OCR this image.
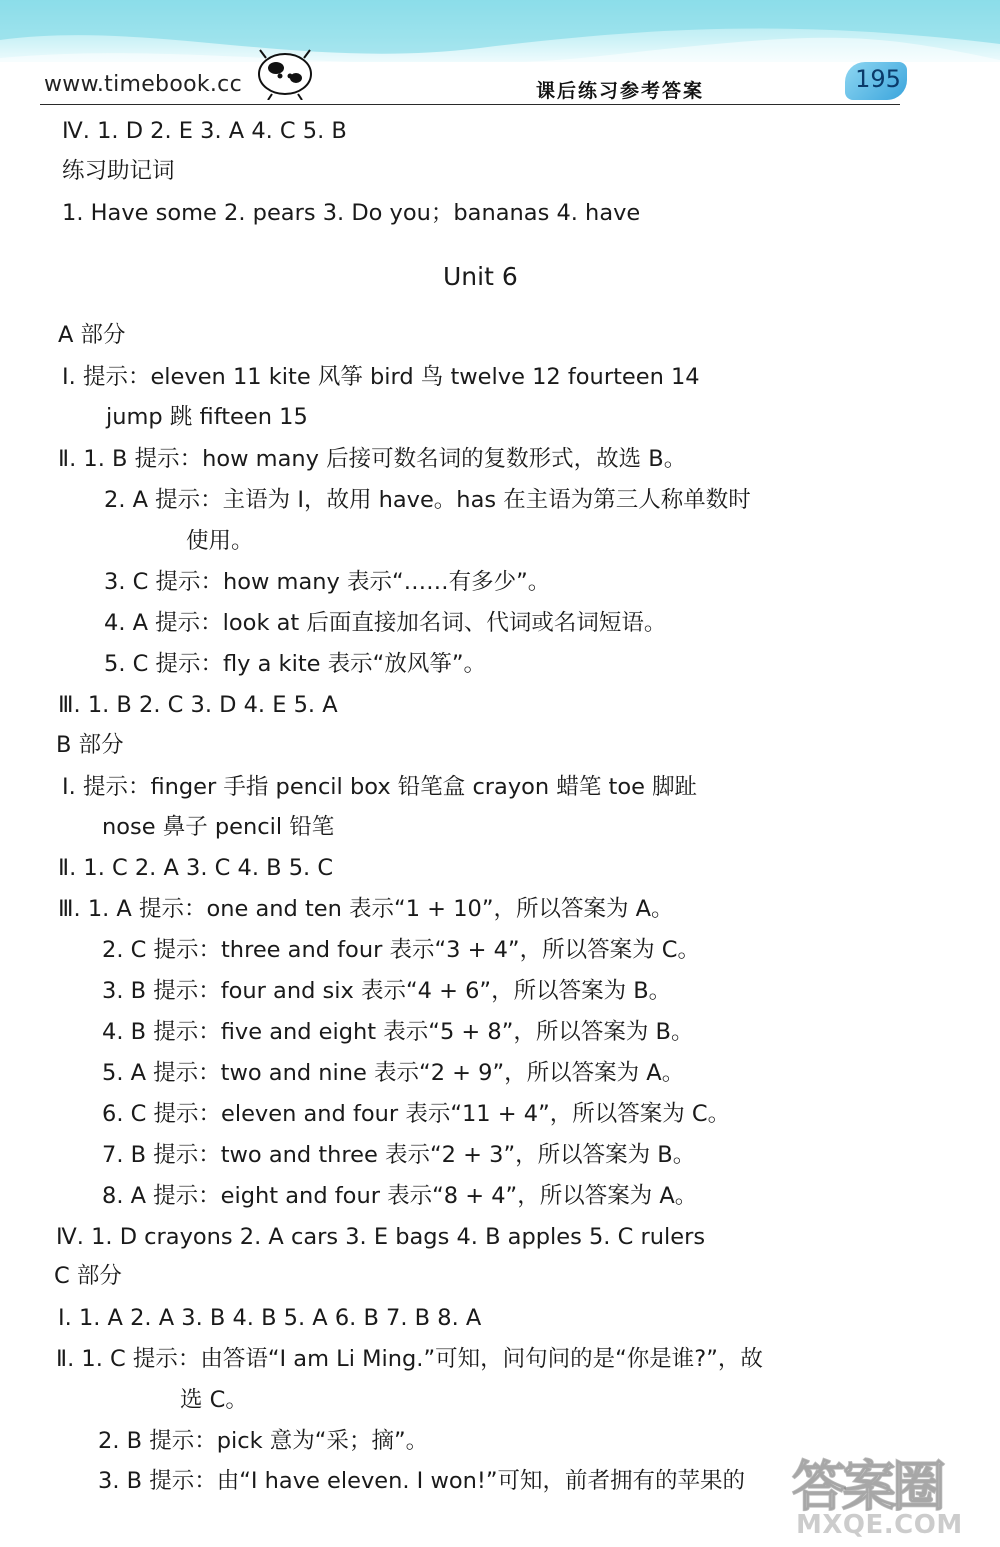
www.timebook.cc	课后练习参考答案	195
Ⅳ. 1. D 2. E 3. A 4. C 5. B
练习助记词
1. Have some 2. pears 3. Do you；bananas 4. have
Unit 6
A 部分
Ⅰ. 提示：eleven 11 kite 风筝 bird 鸟 twelve 12 fourteen 14
jump 跳 fifteen 15
Ⅱ. 1. B 提示：how many 后接可数名词的复数形式，故选 B。
2. A 提示：主语为 I，故用 have。has 在主语为第三人称单数时
使用。
3. C 提示：how many 表示“……有多少”。
4. A 提示：look at 后面直接加名词、代词或名词短语。
5. C 提示：fly a kite 表示“放风筝”。
Ⅲ. 1. B 2. C 3. D 4. E 5. A
B 部分
Ⅰ. 提示：finger 手指 pencil box 铅笔盒 crayon 蜡笔 toe 脚趾
nose 鼻子 pencil 铅笔
Ⅱ. 1. C 2. A 3. C 4. B 5. C
Ⅲ. 1. A 提示：one and ten 表示“1 + 10”，所以答案为 A。
2. C 提示：three and four 表示“3 + 4”，所以答案为 C。
3. B 提示：four and six 表示“4 + 6”，所以答案为 B。
4. B 提示：five and eight 表示“5 + 8”，所以答案为 B。
5. A 提示：two and nine 表示“2 + 9”，所以答案为 A。
6. C 提示：eleven and four 表示“11 + 4”，所以答案为 C。
7. B 提示：two and three 表示“2 + 3”，所以答案为 B。
8. A 提示：eight and four 表示“8 + 4”，所以答案为 A。
Ⅳ. 1. D crayons 2. A cars 3. E bags 4. B apples 5. C rulers
C 部分
Ⅰ. 1. A 2. A 3. B 4. B 5. A 6. B 7. B 8. A
Ⅱ. 1. C 提示：由答语“I am Li Ming.”可知，问句问的是“你是谁?”，故
选 C。
2. B 提示：pick 意为“采；摘”。
3. B 提示：由“I have eleven. I won!”可知，前者拥有的苹果的 答案圈
MXQE.COM
